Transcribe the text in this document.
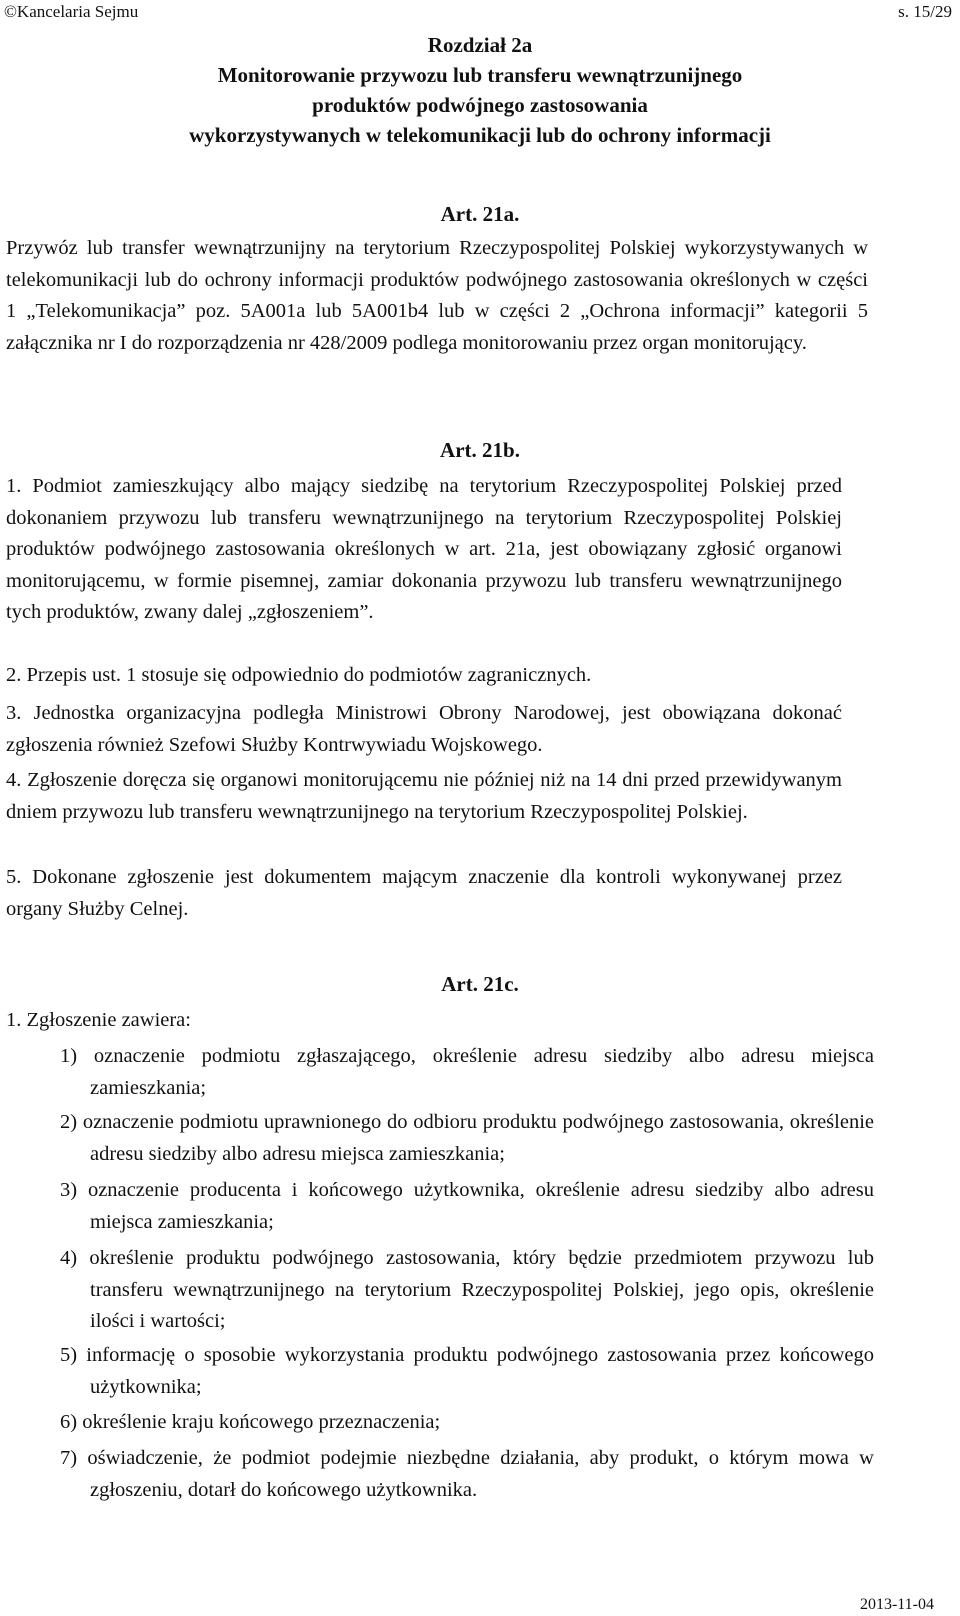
©Kancelaria Sejmu	s. 15/29
Rozdział 2a
Monitorowanie przywozu lub transferu wewnątrzunijnego
produktów podwójnego zastosowania
wykorzystywanych w telekomunikacji lub do ochrony informacji
Art. 21a.

Przywóz lub transfer wewnątrzunijny na terytorium Rzeczypospolitej Polskiej wykorzystywanych w telekomunikacji lub do ochrony informacji produktów podwójnego zastosowania określonych w części 1 „Telekomunikacja” poz. 5A001a lub 5A001b4 lub w części 2 „Ochrona informacji” kategorii 5 załącznika nr I do rozporządzenia nr 428/2009 podlega monitorowaniu przez organ monitorujący.

Art. 21b.

1. Podmiot zamieszkujący albo mający siedzibę na terytorium Rzeczypospolitej Polskiej przed dokonaniem przywozu lub transferu wewnątrzunijnego na terytorium Rzeczypospolitej Polskiej produktów podwójnego zastosowania określonych w art. 21a, jest obowiązany zgłosić organowi monitorującemu, w formie pisemnej, zamiar dokonania przywozu lub transferu wewnątrzunijnego tych produktów, zwany dalej „zgłoszeniem”.

2. Przepis ust. 1 stosuje się odpowiednio do podmiotów zagranicznych.

3. Jednostka organizacyjna podległa Ministrowi Obrony Narodowej, jest obowiązana dokonać zgłoszenia również Szefowi Służby Kontrwywiadu Wojskowego.

4. Zgłoszenie doręcza się organowi monitorującemu nie później niż na 14 dni przed przewidywanym dniem przywozu lub transferu wewnątrzunijnego na terytorium Rzeczypospolitej Polskiej.

5. Dokonane zgłoszenie jest dokumentem mającym znaczenie dla kontroli wykonywanej przez organy Służby Celnej.

Art. 21c.

1. Zgłoszenie zawiera:

1) oznaczenie podmiotu zgłaszającego, określenie adresu siedziby albo adresu miejsca zamieszkania;

2) oznaczenie podmiotu uprawnionego do odbioru produktu podwójnego zastosowania, określenie adresu siedziby albo adresu miejsca zamieszkania;

3) oznaczenie producenta i końcowego użytkownika, określenie adresu siedziby albo adresu miejsca zamieszkania;

4) określenie produktu podwójnego zastosowania, który będzie przedmiotem przywozu lub transferu wewnątrzunijnego na terytorium Rzeczypospolitej Polskiej, jego opis, określenie ilości i wartości;

5) informację o sposobie wykorzystania produktu podwójnego zastosowania przez końcowego użytkownika;

6) określenie kraju końcowego przeznaczenia;

7) oświadczenie, że podmiot podejmie niezbędne działania, aby produkt, o którym mowa w zgłoszeniu, dotarł do końcowego użytkownika.

2013-11-04
